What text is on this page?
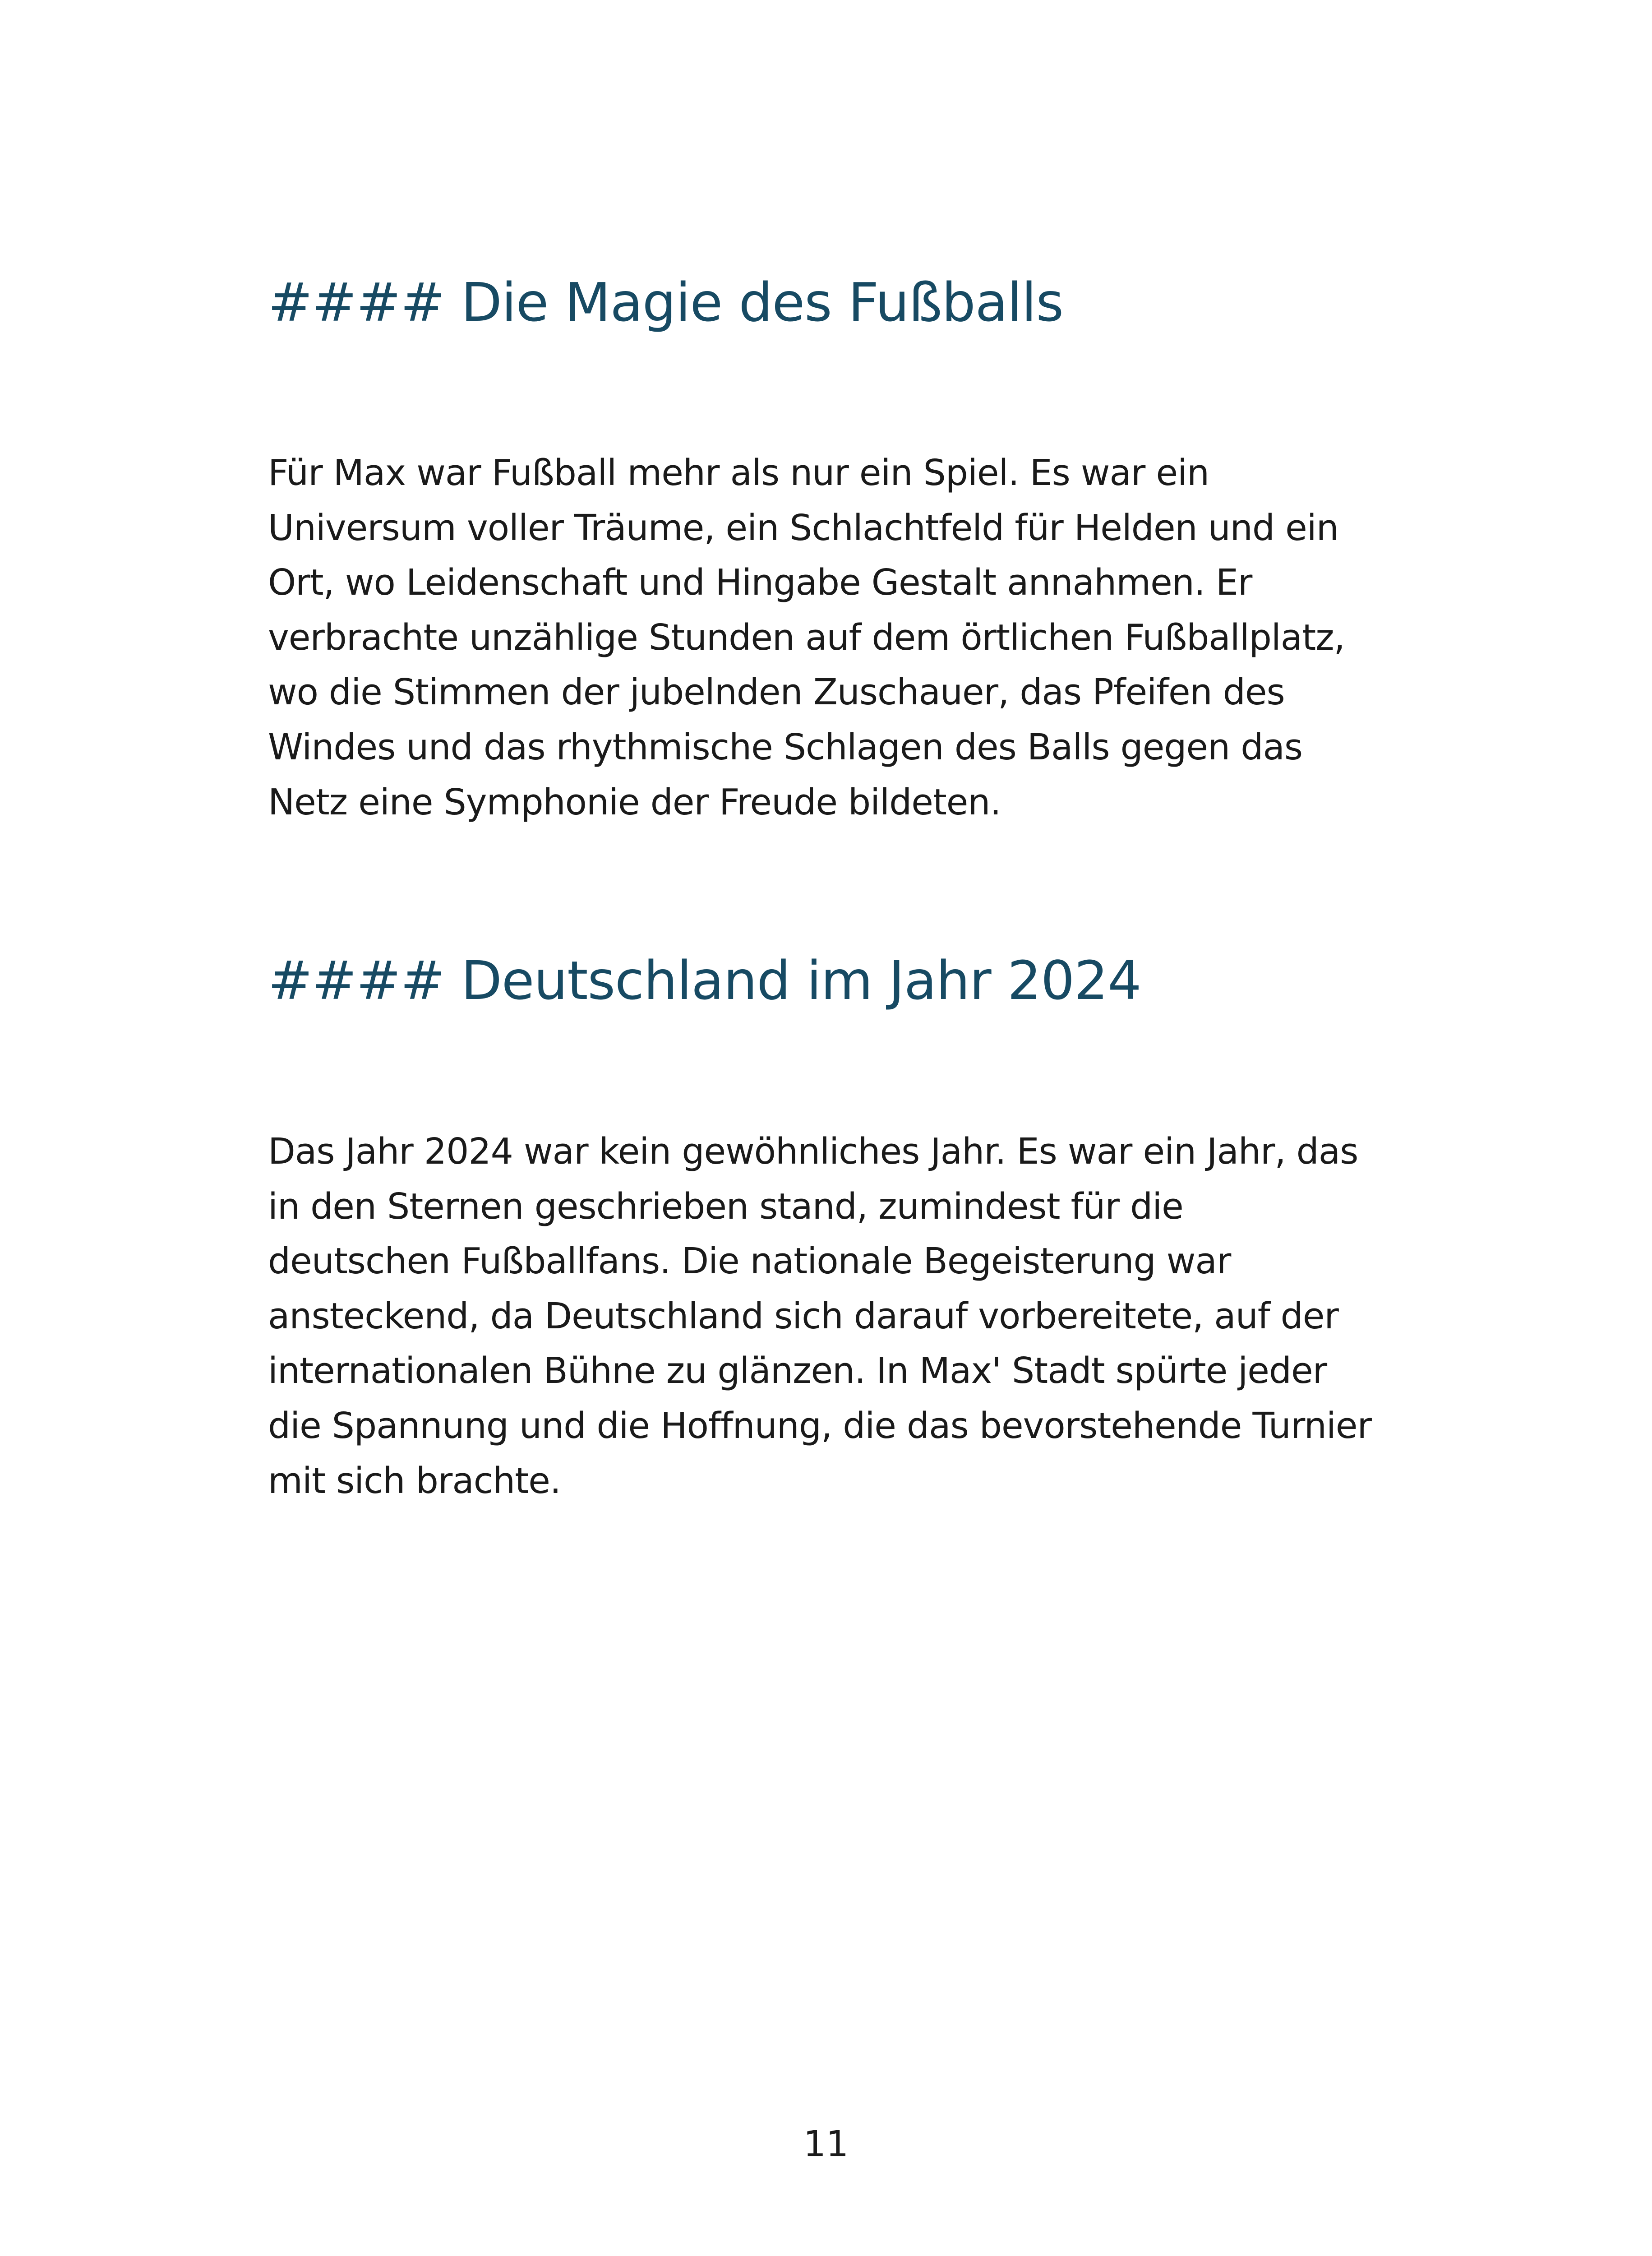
#### Die Magie des Fußballs

Für Max war Fußball mehr als nur ein Spiel. Es war ein
Universum voller Träume, ein Schlachtfeld für Helden und ein
Ort, wo Leidenschaft und Hingabe Gestalt annahmen. Er
verbrachte unzählige Stunden auf dem örtlichen Fußballplatz,
wo die Stimmen der jubelnden Zuschauer, das Pfeifen des
Windes und das rhythmische Schlagen des Balls gegen das
Netz eine Symphonie der Freude bildeten.

#### Deutschland im Jahr 2024

Das Jahr 2024 war kein gewöhnliches Jahr. Es war ein Jahr, das
in den Sternen geschrieben stand, zumindest für die
deutschen Fußballfans. Die nationale Begeisterung war
ansteckend, da Deutschland sich darauf vorbereitete, auf der
internationalen Bühne zu glänzen. In Max' Stadt spürte jeder
die Spannung und die Hoffnung, die das bevorstehende Turnier
mit sich brachte.

11
